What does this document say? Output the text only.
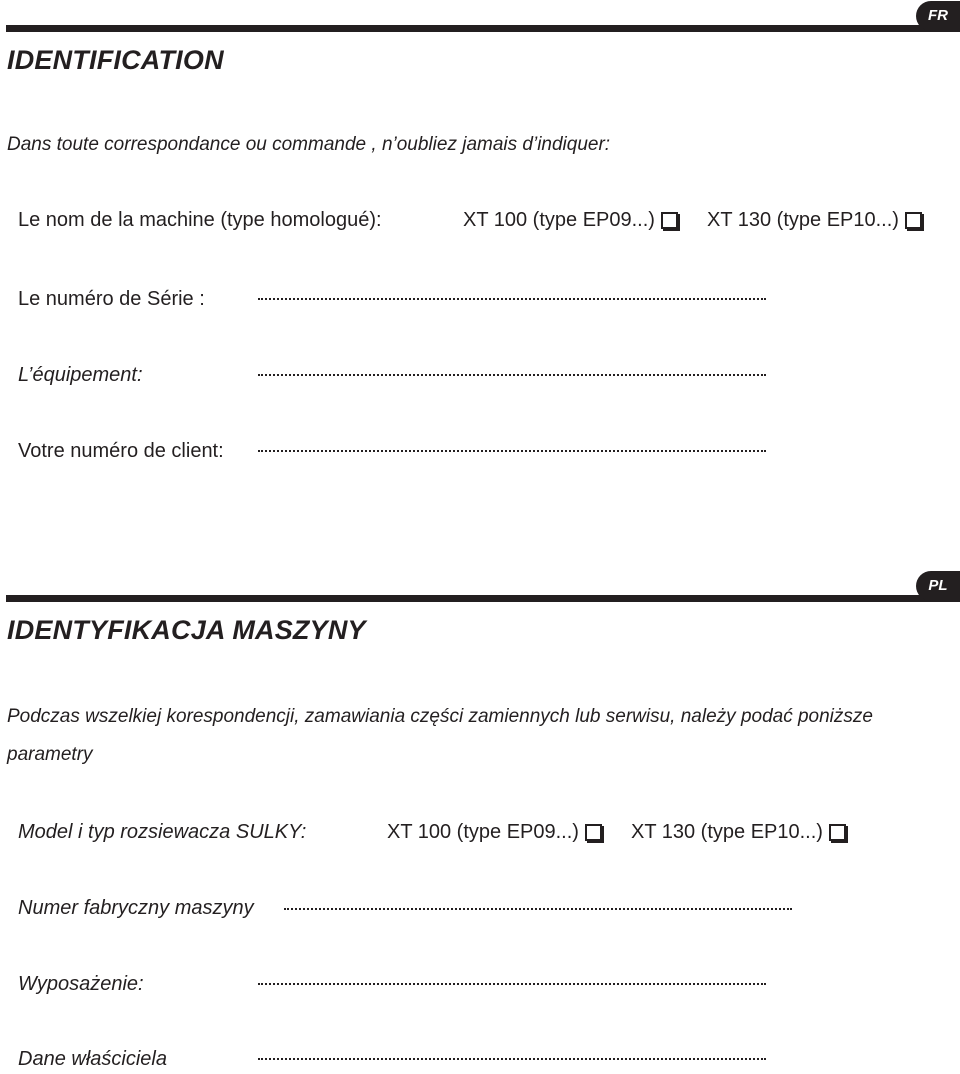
FR
IDENTIFICATION
Dans toute correspondance ou commande , n’oubliez jamais d’indiquer:
Le nom de la machine (type homologué):	XT 100 (type EP09...)	XT 130 (type EP10...)
Le numéro de Série :
L’équipement:
Votre numéro de client:
PL
IDENTYFIKACJA MASZYNY
Podczas wszelkiej korespondencji, zamawiania części zamiennych lub serwisu, należy podać poniższe parametry
Model i typ rozsiewacza SULKY:	XT 100 (type EP09...)	XT 130 (type EP10...)
Numer fabryczny maszyny
Wyposażenie:
Dane właściciela
